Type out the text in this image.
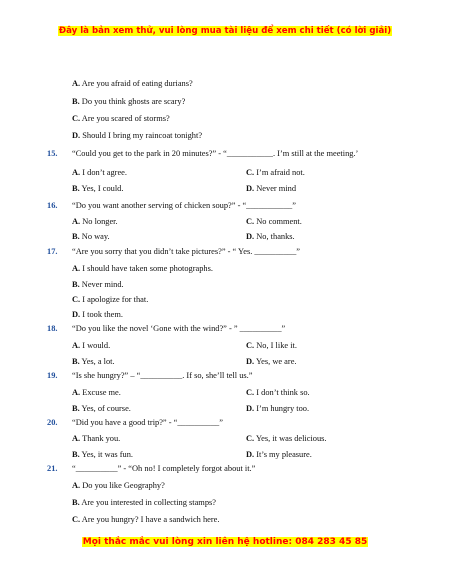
Đây là bản xem thử, vui lòng mua tài liệu để xem chi tiết (có lời giải)
A. Are you afraid of eating durians?
B. Do you think ghosts are scary?
C. Are you scared of storms?
D. Should I bring my raincoat tonight?
15. “Could you get to the park in 20 minutes?” - “___________. I’m still at the meeting.’
A. I don’t agree.	C. I’m afraid not.
B. Yes, I could.	D. Never mind
16. “Do you want another serving of chicken soup?” - “___________”
A. No longer.	C. No comment.
B. No way.	D. No, thanks.
17. “Are you sorry that you didn’t take pictures?” - “ Yes. __________”
A. I should have taken some photographs.
B. Never mind.
C. I apologize for that.
D. I took them.
18. “Do you like the novel ‘Gone with the wind?” - ” __________”
A. I would.	C. No, I like it.
B. Yes, a lot.	D. Yes, we are.
19. “Is she hungry?” – “__________. If so, she’ll tell us.”
A. Excuse me.	C. I don’t think so.
B. Yes, of course.	D. I’m hungry too.
20. “Did you have a good trip?” - “__________”
A. Thank you.	C. Yes, it was delicious.
B. Yes, it was fun.	D. It’s my pleasure.
21. “__________” - “Oh no! I completely forgot about it.”
A. Do you like Geography?
B. Are you interested in collecting stamps?
C. Are you hungry? I have a sandwich here.
Mọi thắc mắc vui lòng xin liên hệ hotline: 084 283 45 85
